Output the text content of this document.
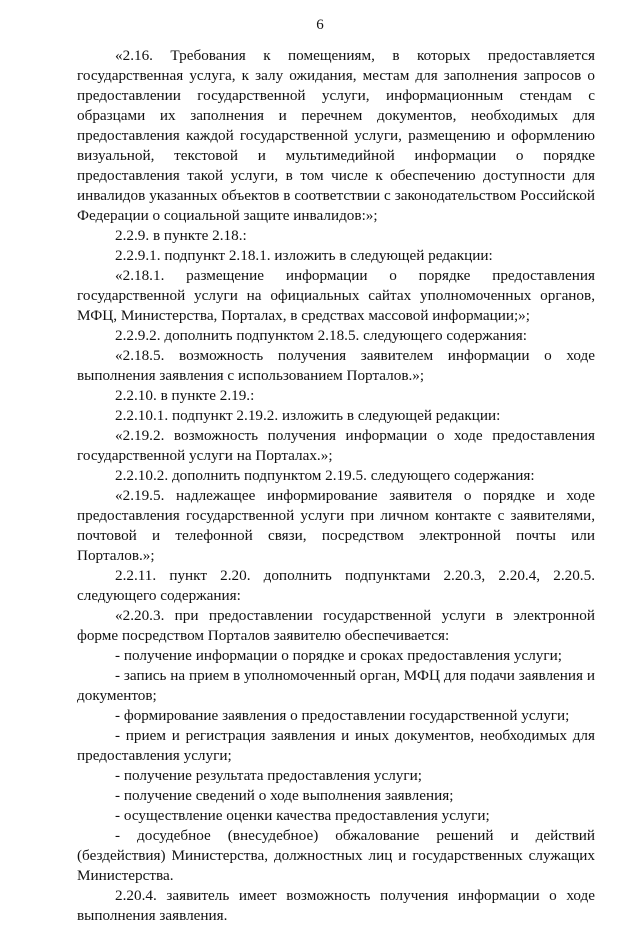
6

«2.16. Требования к помещениям, в которых предоставляется государственная услуга, к залу ожидания, местам для заполнения запросов о предоставлении государственной услуги, информационным стендам с образцами их заполнения и перечнем документов, необходимых для предоставления каждой государственной услуги, размещению и оформлению визуальной, текстовой и мультимедийной информации о порядке предоставления такой услуги, в том числе к обеспечению доступности для инвалидов указанных объектов в соответствии с законодательством Российской Федерации о социальной защите инвалидов:»;

2.2.9. в пункте 2.18.:

2.2.9.1. подпункт 2.18.1. изложить в следующей редакции:

«2.18.1. размещение информации о порядке предоставления государственной услуги на официальных сайтах уполномоченных органов, МФЦ, Министерства, Порталах, в средствах массовой информации;»;

2.2.9.2. дополнить подпунктом 2.18.5. следующего содержания:

«2.18.5. возможность получения заявителем информации о ходе выполнения заявления с использованием Порталов.»;

2.2.10. в пункте 2.19.:

2.2.10.1. подпункт 2.19.2. изложить в следующей редакции:

«2.19.2. возможность получения информации о ходе предоставления государственной услуги на Порталах.»;

2.2.10.2. дополнить подпунктом 2.19.5. следующего содержания:

«2.19.5. надлежащее информирование заявителя о порядке и ходе предоставления государственной услуги при личном контакте с заявителями, почтовой и телефонной связи, посредством электронной почты или Порталов.»;

2.2.11. пункт 2.20. дополнить подпунктами 2.20.3, 2.20.4, 2.20.5. следующего содержания:

«2.20.3. при предоставлении государственной услуги в электронной форме посредством Порталов заявителю обеспечивается:

- получение информации о порядке и сроках предоставления услуги;

- запись на прием в уполномоченный орган, МФЦ для подачи заявления и документов;

- формирование заявления о предоставлении государственной услуги;

- прием и регистрация заявления и иных документов, необходимых для предоставления услуги;

- получение результата предоставления услуги;

- получение сведений о ходе выполнения заявления;

- осуществление оценки качества предоставления услуги;

- досудебное (внесудебное) обжалование решений и действий (бездействия) Министерства, должностных лиц и государственных служащих Министерства.

2.20.4. заявитель имеет возможность получения информации о ходе выполнения заявления.
